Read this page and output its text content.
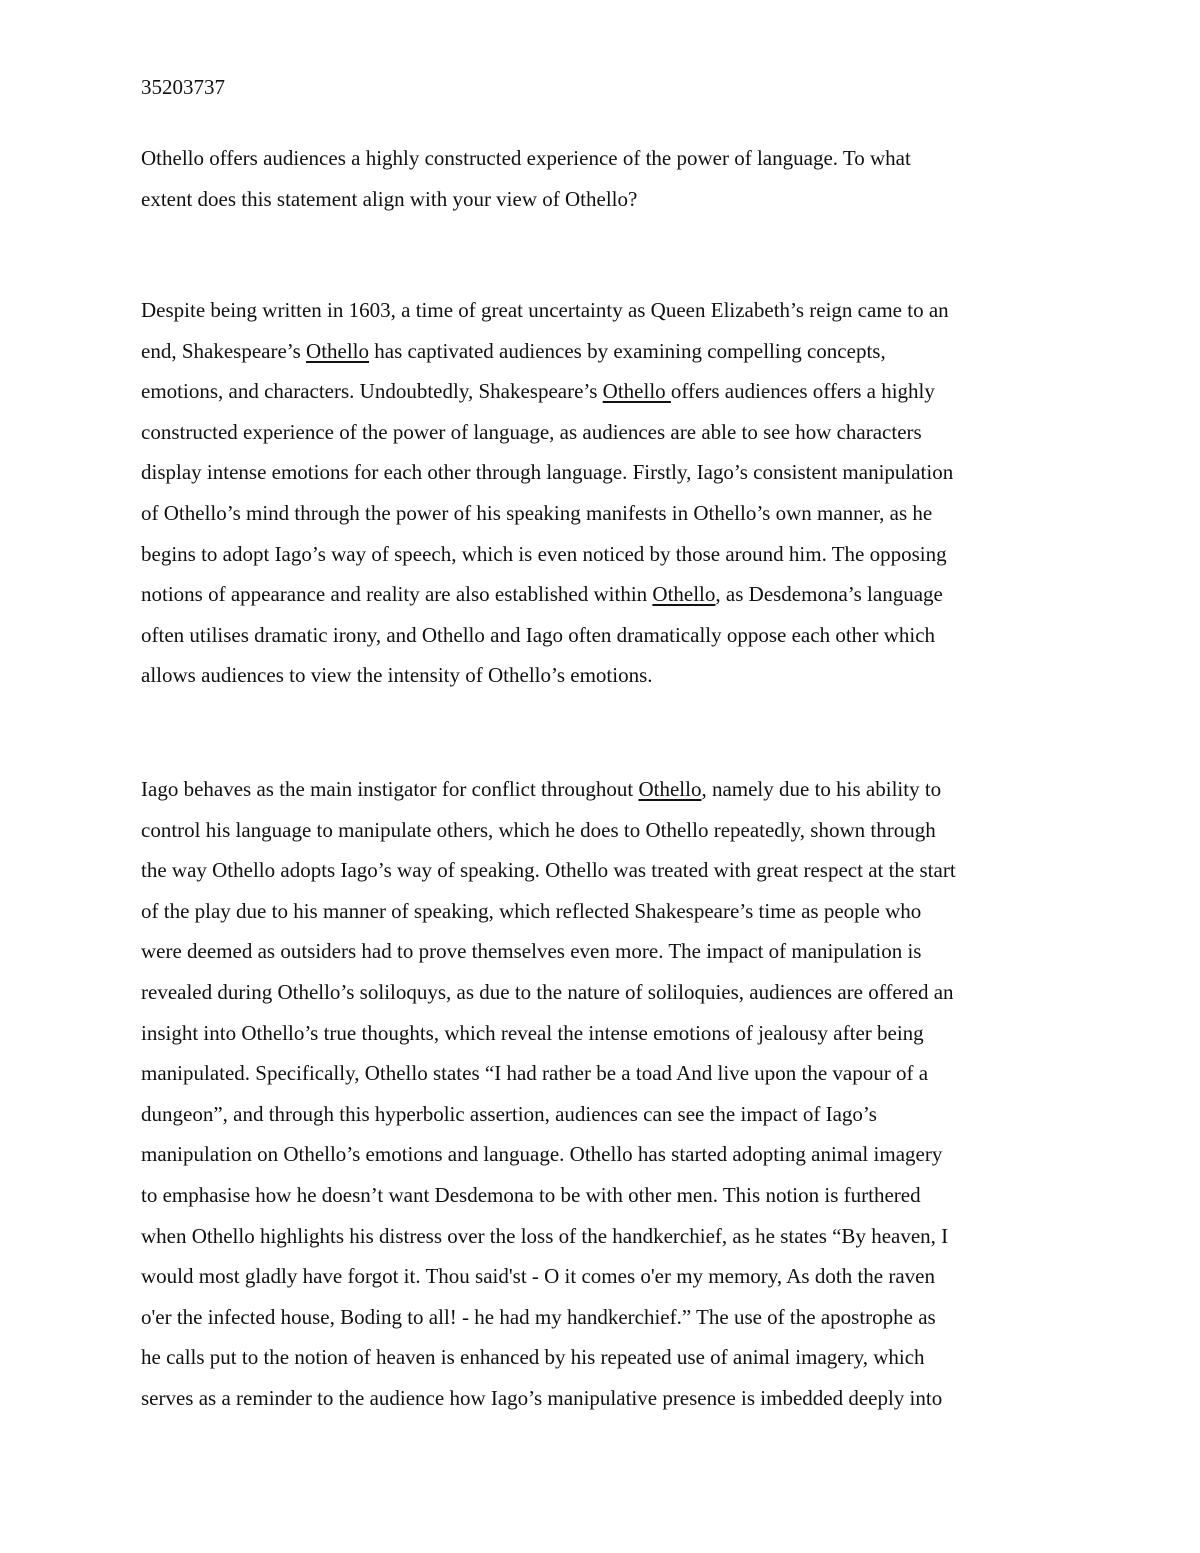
35203737
Othello offers audiences a highly constructed experience of the power of language. To what
extent does this statement align with your view of Othello?
Despite being written in 1603, a time of great uncertainty as Queen Elizabeth’s reign came to an
end, Shakespeare’s Othello has captivated audiences by examining compelling concepts,
emotions, and characters. Undoubtedly, Shakespeare’s Othello offers audiences offers a highly
constructed experience of the power of language, as audiences are able to see how characters
display intense emotions for each other through language. Firstly, Iago’s consistent manipulation
of Othello’s mind through the power of his speaking manifests in Othello’s own manner, as he
begins to adopt Iago’s way of speech, which is even noticed by those around him. The opposing
notions of appearance and reality are also established within Othello, as Desdemona’s language
often utilises dramatic irony, and Othello and Iago often dramatically oppose each other which
allows audiences to view the intensity of Othello’s emotions.
Iago behaves as the main instigator for conflict throughout Othello, namely due to his ability to
control his language to manipulate others, which he does to Othello repeatedly, shown through
the way Othello adopts Iago’s way of speaking. Othello was treated with great respect at the start
of the play due to his manner of speaking, which reflected Shakespeare’s time as people who
were deemed as outsiders had to prove themselves even more. The impact of manipulation is
revealed during Othello’s soliloquys, as due to the nature of soliloquies, audiences are offered an
insight into Othello’s true thoughts, which reveal the intense emotions of jealousy after being
manipulated. Specifically, Othello states “I had rather be a toad And live upon the vapour of a
dungeon”, and through this hyperbolic assertion, audiences can see the impact of Iago’s
manipulation on Othello’s emotions and language. Othello has started adopting animal imagery
to emphasise how he doesn’t want Desdemona to be with other men. This notion is furthered
when Othello highlights his distress over the loss of the handkerchief, as he states “By heaven, I
would most gladly have forgot it. Thou said'st - O it comes o'er my memory, As doth the raven
o'er the infected house, Boding to all! - he had my handkerchief.” The use of the apostrophe as
he calls put to the notion of heaven is enhanced by his repeated use of animal imagery, which
serves as a reminder to the audience how Iago’s manipulative presence is imbedded deeply into
